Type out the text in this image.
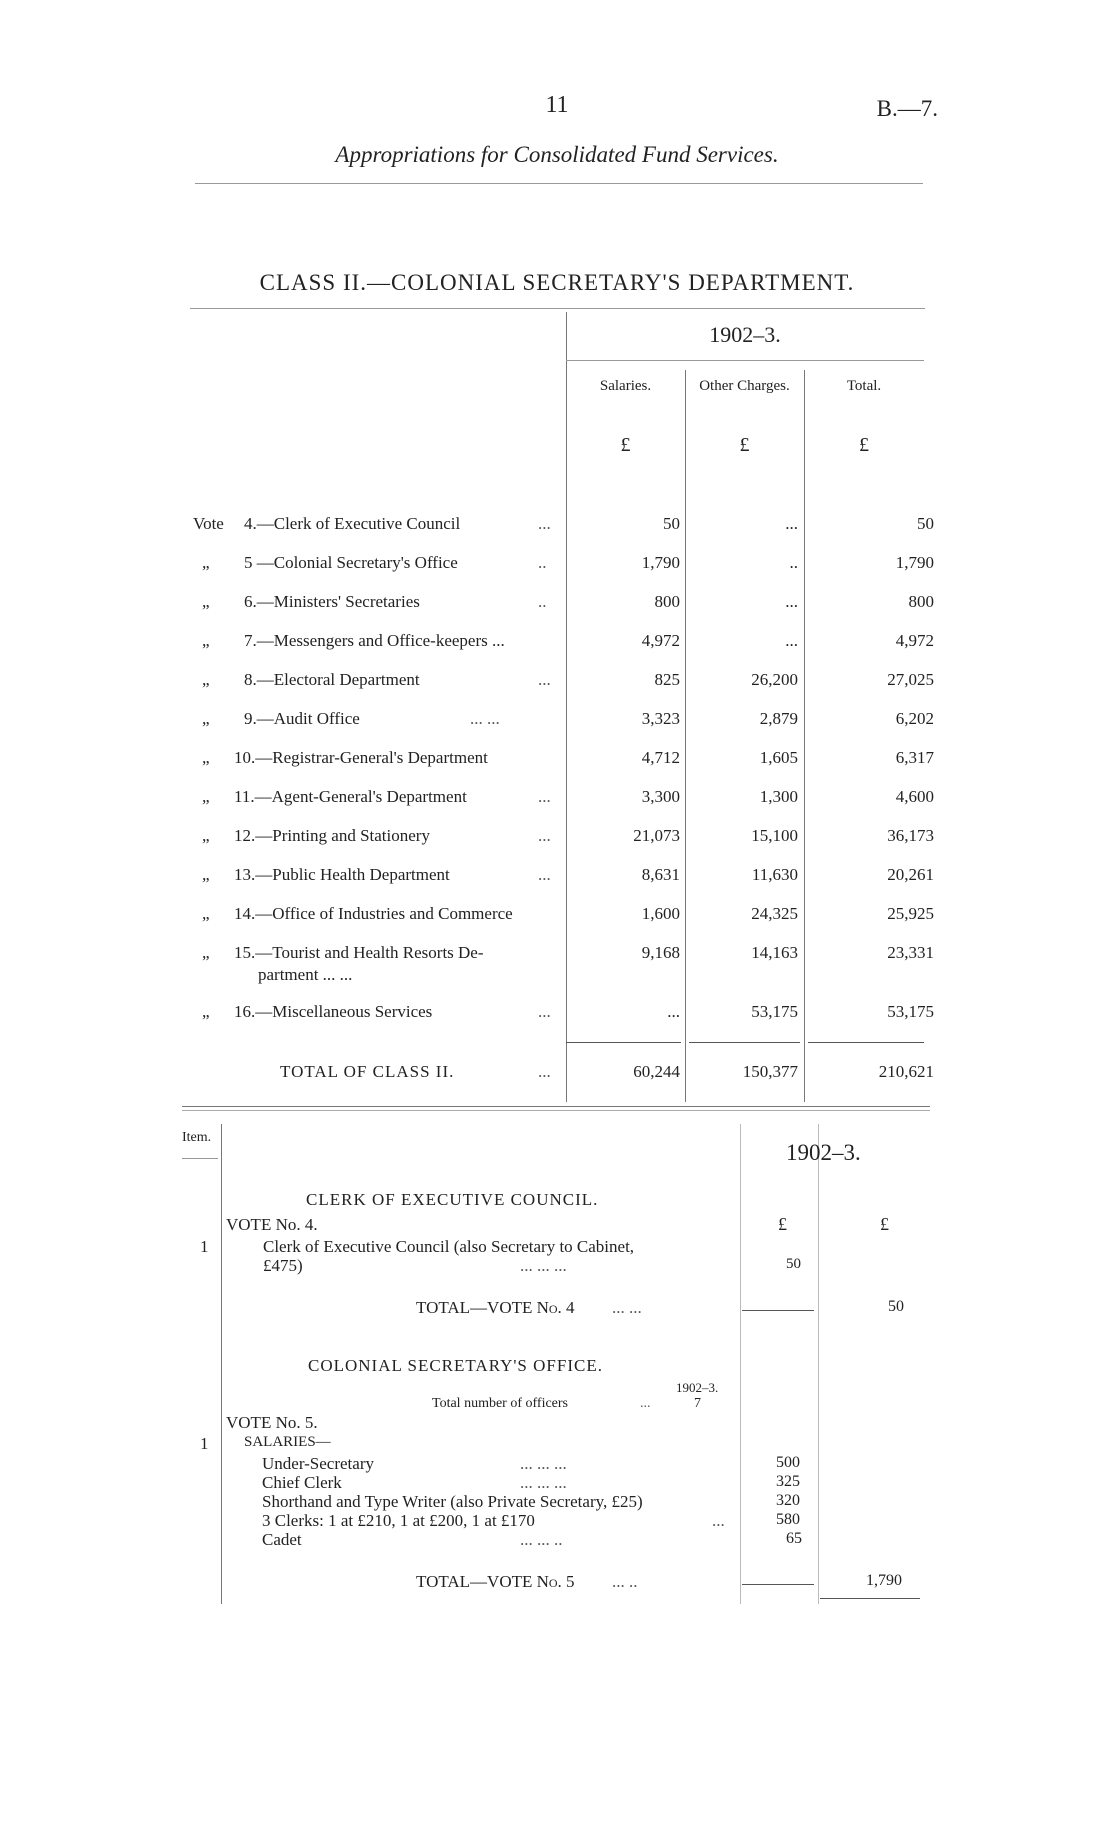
11	B.—7.
Appropriations for Consolidated Fund Services.
CLASS II.—COLONIAL SECRETARY'S DEPARTMENT.
1902–3.
Salaries.	Other Charges.	Total.
£	£	£
Vote 4.—Clerk of Executive Council	...	50	...	50
„ 5 —Colonial Secretary's Office	..	1,790	..	1,790
„ 6.—Ministers' Secretaries	..	800	...	800
„ 7.—Messengers and Office-keepers ...	4,972	...	4,972
„ 8.—Electoral Department	...	825	26,200	27,025
„ 9.—Audit Office	... ...	3,323	2,879	6,202
„ 10.—Registrar-General's Department	4,712	1,605	6,317
„ 11.—Agent-General's Department	...	3,300	1,300	4,600
„ 12.—Printing and Stationery	...	21,073	15,100	36,173
„ 13.—Public Health Department	...	8,631	11,630	20,261
„ 14.—Office of Industries and Commerce	1,600	24,325	25,925
„ 15.—Tourist and Health Resorts De-
partment ... ...
9,168	14,163	23,331
„ 16.—Miscellaneous Services	...	...	53,175	53,175
TOTAL OF CLASS II.	...	60,244	150,377	210,621
Item.
1902–3.
CLERK OF EXECUTIVE COUNCIL.
VOTE No. 4.
1	Clerk of Executive Council (also Secretary to Cabinet,
£475)	... ... ...
£	£
50
TOTAL—VOTE No. 4 ... ...	50
COLONIAL SECRETARY'S OFFICE.
1902–3.
Total number of officers	...	7
VOTE No. 5.
1 SALARIES—
Under-Secretary	... ... ...	500
Chief Clerk	... ... ...	325
Shorthand and Type Writer (also Private Secretary, £25)	320
3 Clerks: 1 at £210, 1 at £200, 1 at £170	...	580
Cadet	... ... ..	65
TOTAL—VOTE No. 5 ... ..	1,790
